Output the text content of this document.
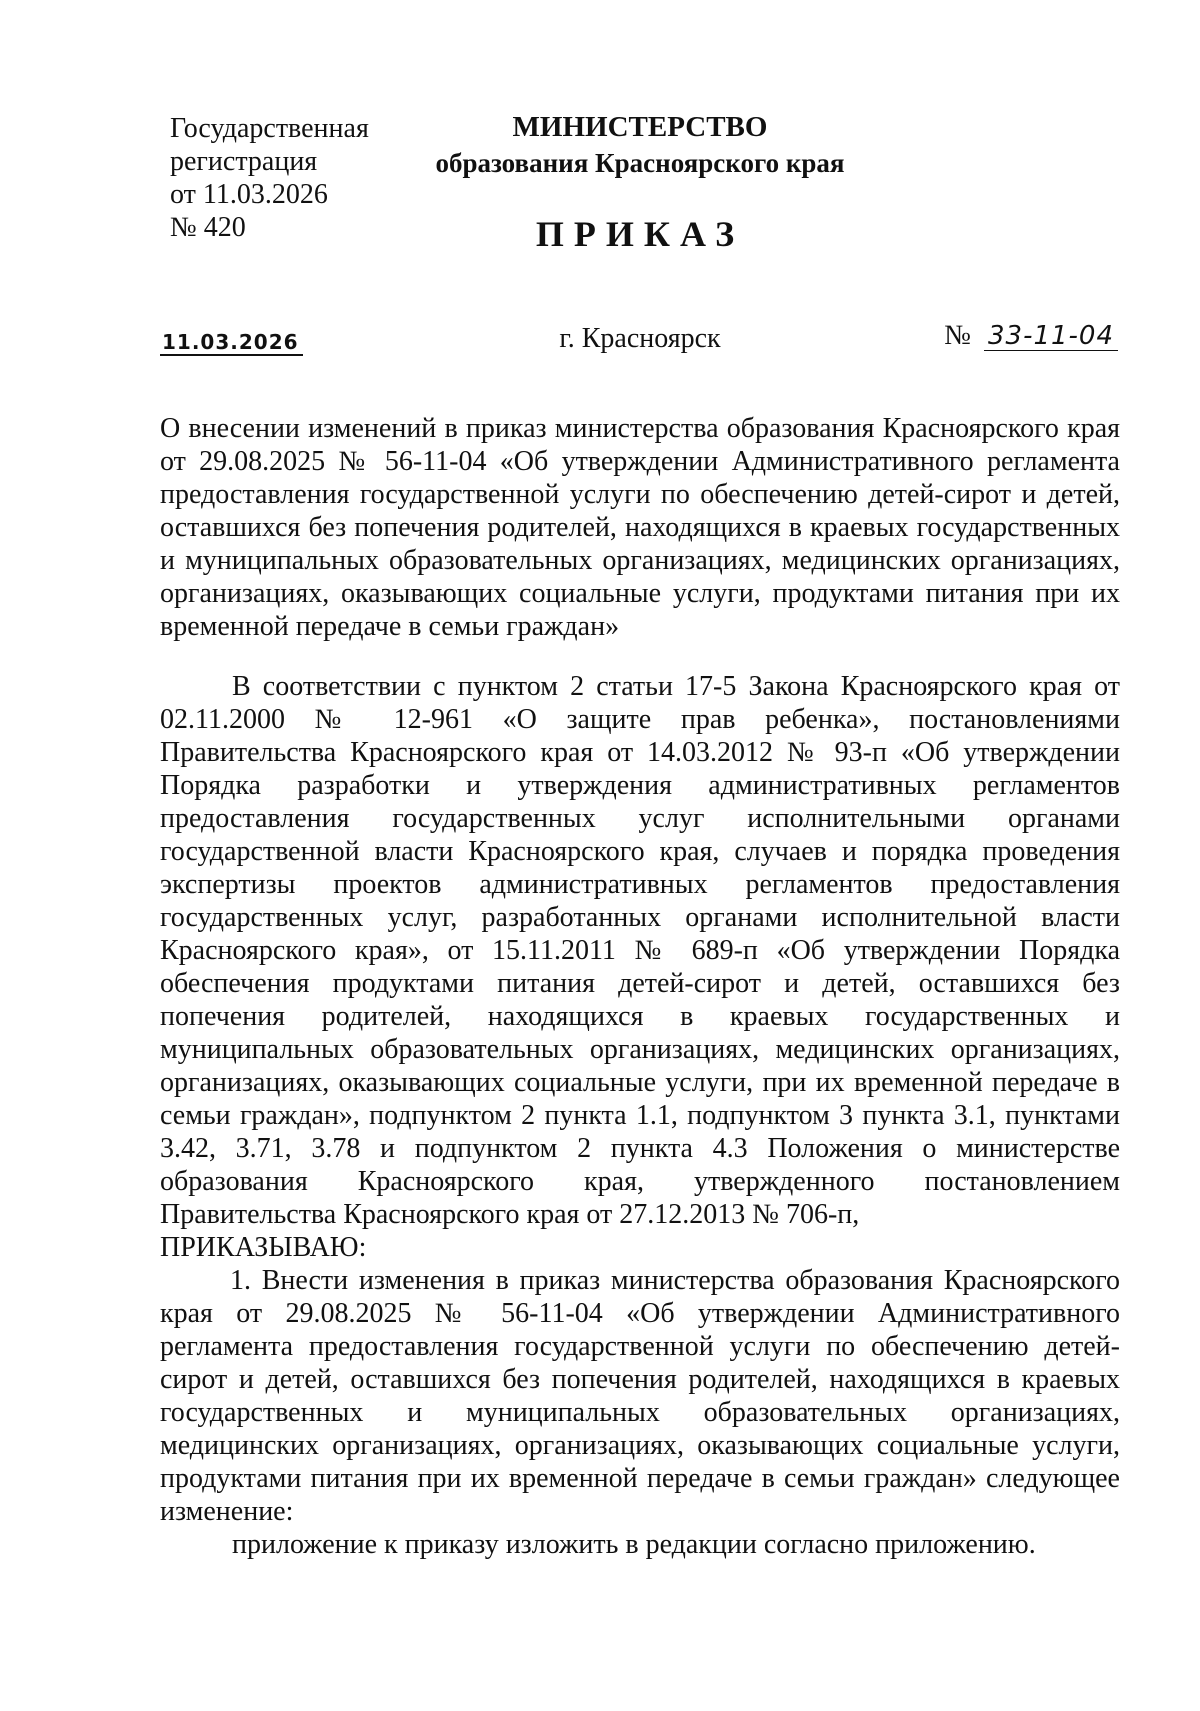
Государственная
регистрация
от 11.03.2026
№ 420
МИНИСТЕРСТВО
образования Красноярского края
ПРИКАЗ
11.03.2026	г. Красноярск	№ 33-11-04
О внесении изменений в приказ министерства образования Красноярского края от 29.08.2025 № 56-11-04 «Об утверждении Административного регламента предоставления государственной услуги по обеспечению детей-сирот и детей, оставшихся без попечения родителей, находящихся в краевых государственных и муниципальных образовательных организациях, медицинских организациях, организациях, оказывающих социальные услуги, продуктами питания при их временной передаче в семьи граждан»

В соответствии с пунктом 2 статьи 17-5 Закона Красноярского края от 02.11.2000 № 12-961 «О защите прав ребенка», постановлениями Правительства Красноярского края от 14.03.2012 № 93-п «Об утверждении Порядка разработки и утверждения административных регламентов предоставления государственных услуг исполнительными органами государственной власти Красноярского края, случаев и порядка проведения экспертизы проектов административных регламентов предоставления государственных услуг, разработанных органами исполнительной власти Красноярского края», от 15.11.2011 № 689-п «Об утверждении Порядка обеспечения продуктами питания детей-сирот и детей, оставшихся без попечения родителей, находящихся в краевых государственных и муниципальных образовательных организациях, медицинских организациях, организациях, оказывающих социальные услуги, при их временной передаче в семьи граждан», подпунктом 2 пункта 1.1, подпунктом 3 пункта 3.1, пунктами 3.42, 3.71, 3.78 и подпунктом 2 пункта 4.3 Положения о министерстве образования Красноярского края, утвержденного постановлением Правительства Красноярского края от 27.12.2013 № 706-п,

ПРИКАЗЫВАЮ:

1. Внести изменения в приказ министерства образования Красноярского края от 29.08.2025 № 56-11-04 «Об утверждении Административного регламента предоставления государственной услуги по обеспечению детей-сирот и детей, оставшихся без попечения родителей, находящихся в краевых государственных и муниципальных образовательных организациях, медицинских организациях, организациях, оказывающих социальные услуги, продуктами питания при их временной передаче в семьи граждан» следующее изменение:

приложение к приказу изложить в редакции согласно приложению.
